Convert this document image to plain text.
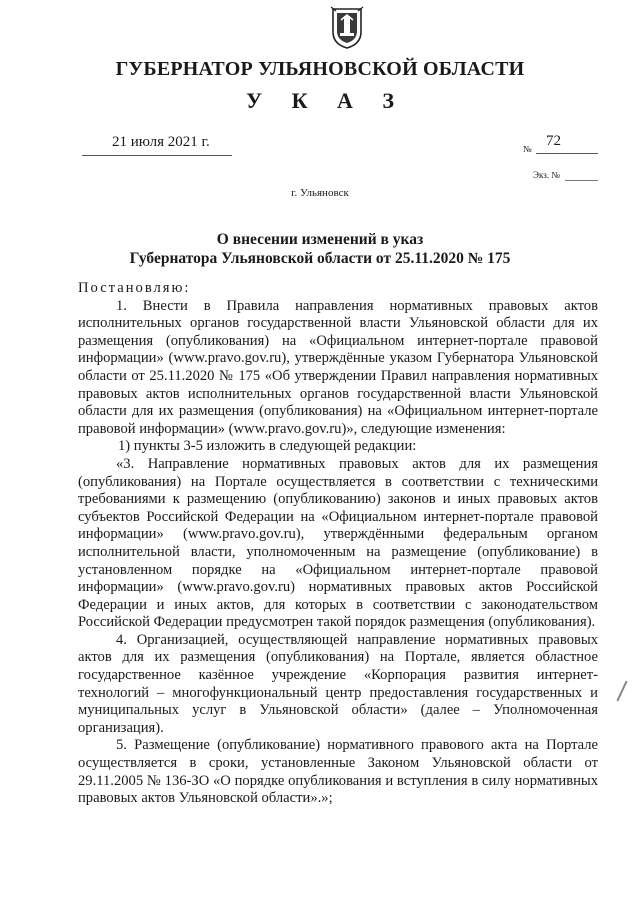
ГУБЕРНАТОР УЛЬЯНОВСКОЙ ОБЛАСТИ
У К А З
21 июля 2021 г.	№ 72
Экз. №
г. Ульяновск
О внесении изменений в указ
Губернатора Ульяновской области от 25.11.2020 № 175

Постановляю:

1. Внести в Правила направления нормативных правовых актов исполнительных органов государственной власти Ульяновской области для их размещения (опубликования) на «Официальном интернет-портале правовой информации» (www.pravo.gov.ru), утверждённые указом Губернатора Ульяновской области от 25.11.2020 № 175 «Об утверждении Правил направления нормативных правовых актов исполнительных органов государственной власти Ульяновской области для их размещения (опубликования) на «Официальном интернет-портале правовой информации» (www.pravo.gov.ru)», следующие изменения:

1) пункты 3-5 изложить в следующей редакции:

«3. Направление нормативных правовых актов для их размещения (опубликования) на Портале осуществляется в соответствии с техническими требованиями к размещению (опубликованию) законов и иных правовых актов субъектов Российской Федерации на «Официальном интернет-портале правовой информации» (www.pravo.gov.ru), утверждёнными федеральным органом исполнительной власти, уполномоченным на размещение (опубликование) в установленном порядке на «Официальном интернет-портале правовой информации» (www.pravo.gov.ru) нормативных правовых актов Российской Федерации и иных актов, для которых в соответствии с законодательством Российской Федерации предусмотрен такой порядок размещения (опубликования).

4. Организацией, осуществляющей направление нормативных правовых актов для их размещения (опубликования) на Портале, является областное государственное казённое учреждение «Корпорация развития интернет-технологий – многофункциональный центр предоставления государственных и муниципальных услуг в Ульяновской области» (далее – Уполномоченная организация).

5. Размещение (опубликование) нормативного правового акта на Портале осуществляется в сроки, установленные Законом Ульяновской области от 29.11.2005 № 136-ЗО «О порядке опубликования и вступления в силу нормативных правовых актов Ульяновской области».»;
